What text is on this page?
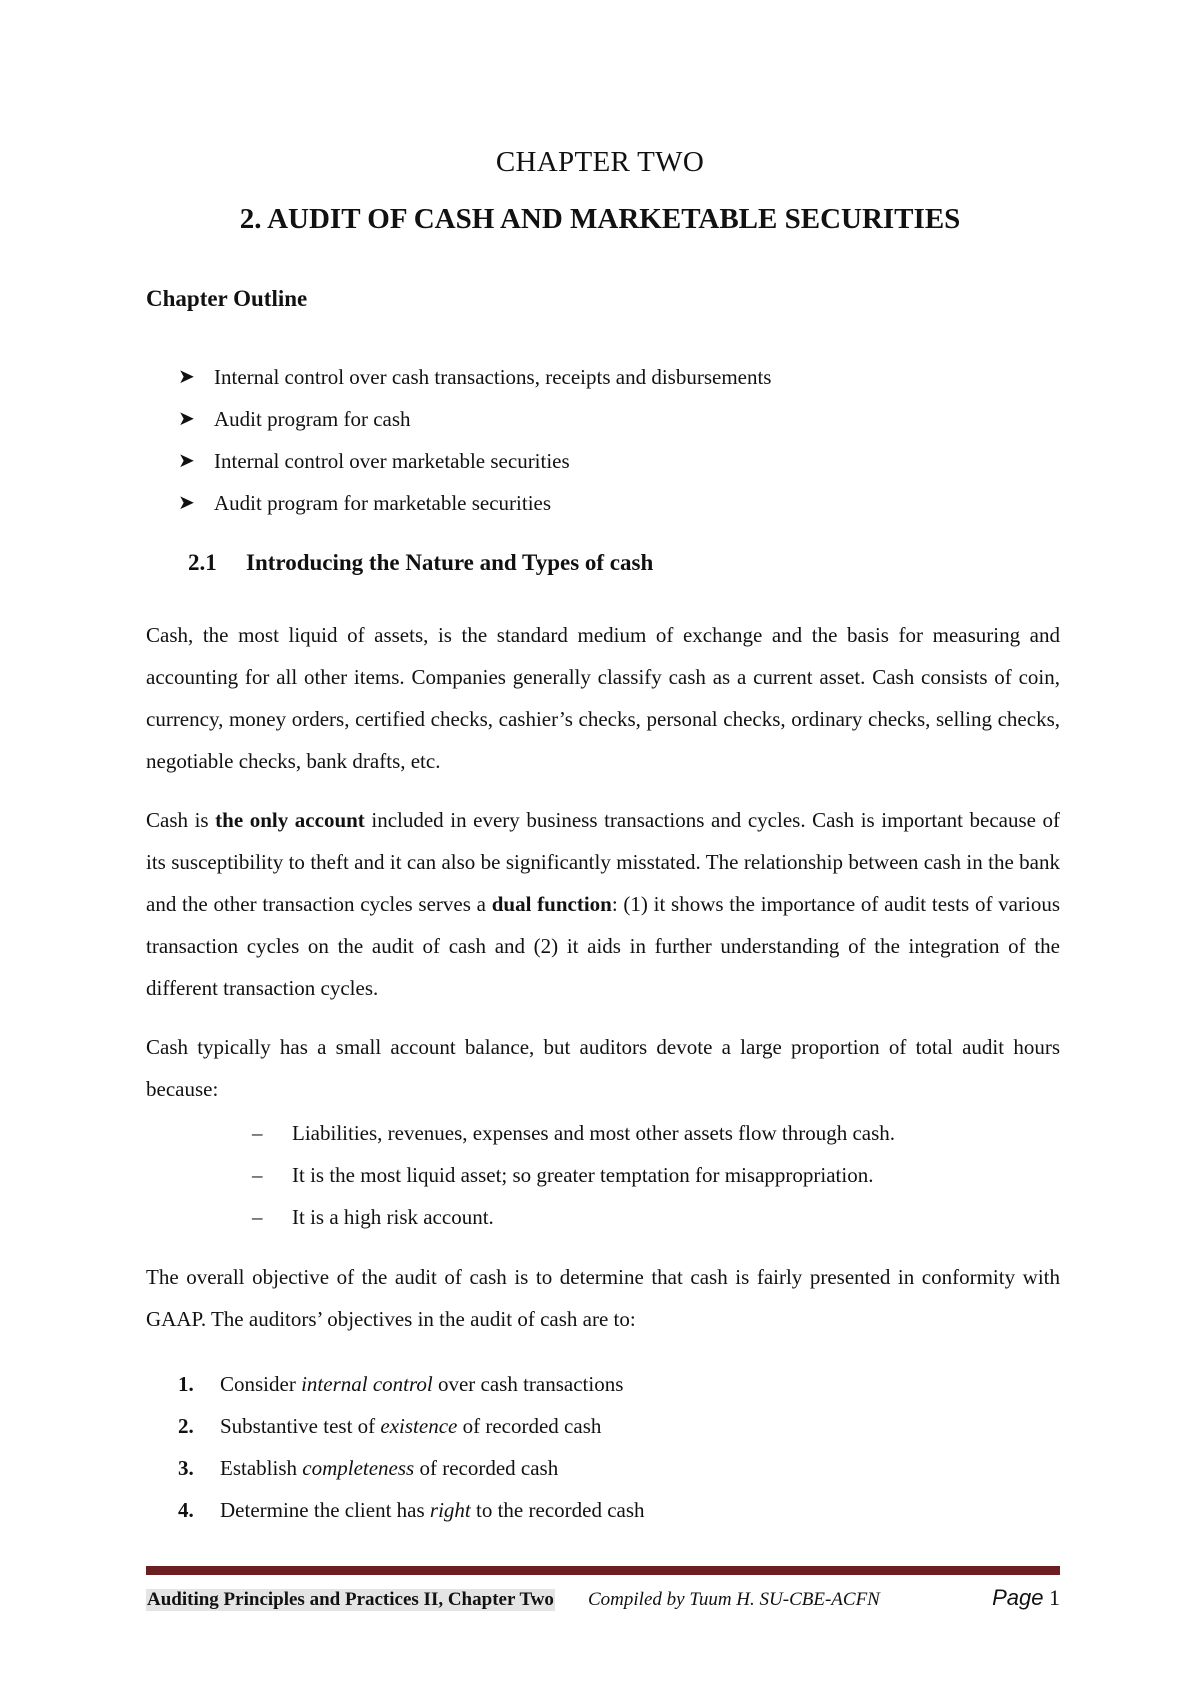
CHAPTER TWO
2. AUDIT OF CASH AND MARKETABLE SECURITIES
Chapter Outline
➤ Internal control over cash transactions, receipts and disbursements
➤ Audit program for cash
➤ Internal control over marketable securities
➤ Audit program for marketable securities
2.1 Introducing the Nature and Types of cash

Cash, the most liquid of assets, is the standard medium of exchange and the basis for measuring and accounting for all other items. Companies generally classify cash as a current asset. Cash consists of coin, currency, money orders, certified checks, cashier’s checks, personal checks, ordinary checks, selling checks, negotiable checks, bank drafts, etc.

Cash is the only account included in every business transactions and cycles. Cash is important because of its susceptibility to theft and it can also be significantly misstated. The relationship between cash in the bank and the other transaction cycles serves a dual function: (1) it shows the importance of audit tests of various transaction cycles on the audit of cash and (2) it aids in further understanding of the integration of the different transaction cycles.

Cash typically has a small account balance, but auditors devote a large proportion of total audit hours because:

–	Liabilities, revenues, expenses and most other assets flow through cash.
–	It is the most liquid asset; so greater temptation for misappropriation.
–	It is a high risk account.

The overall objective of the audit of cash is to determine that cash is fairly presented in conformity with GAAP. The auditors’ objectives in the audit of cash are to:

1.	Consider internal control over cash transactions
2.	Substantive test of existence of recorded cash
3.	Establish completeness of recorded cash
4.	Determine the client has right to the recorded cash
Auditing Principles and Practices II, Chapter Two Compiled by Tuum H. SU-CBE-ACFN	Page 1
